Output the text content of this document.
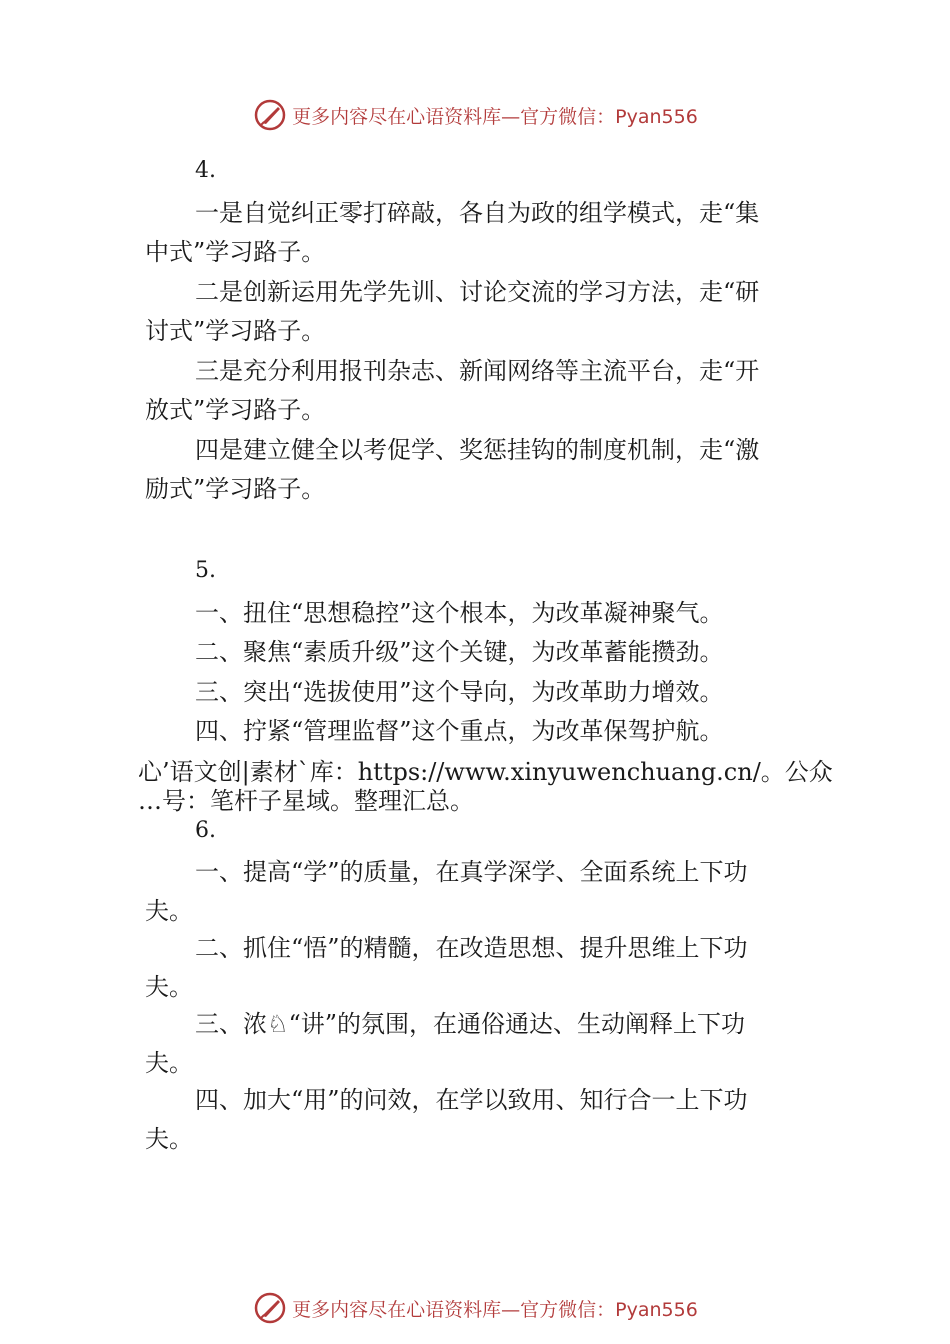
更多内容尽在心语资料库— 官方微信：Pyan556
4.
一是自觉纠正零打碎敲，各自为政的组学模式，走“集
中式”学习路子。
二是创新运用先学先训、讨论交流的学习方法，走“研
讨式”学习路子。
三是充分利用报刊杂志、新闻网络等主流平台，走“开
放式”学习路子。
四是建立健全以考促学、奖惩挂钩的制度机制，走“激
励式”学习路子。
5.
一、扭住“思想稳控”这个根本，为改革凝神聚气。
二、聚焦“素质升级”这个关键，为改革蓄能攒劲。
三、突出“选拔使用”这个导向，为改革助力增效。
四、拧紧“管理监督”这个重点，为改革保驾护航。
心’语文创|素材`库：https://www.xinyuwenchuang.cn/。公众
…号：笔杆子星域。整理汇总。
6.
一、提高“学”的质量，在真学深学、全面系统上下功
夫。
二、抓住“悟”的精髓，在改造思想、提升思维上下功
夫。
三、浓♘“讲”的氛围，在通俗通达、生动阐释上下功
夫。
四、加大“用”的问效，在学以致用、知行合一上下功
夫。
更多内容尽在心语资料库— 官方微信：Pyan556
